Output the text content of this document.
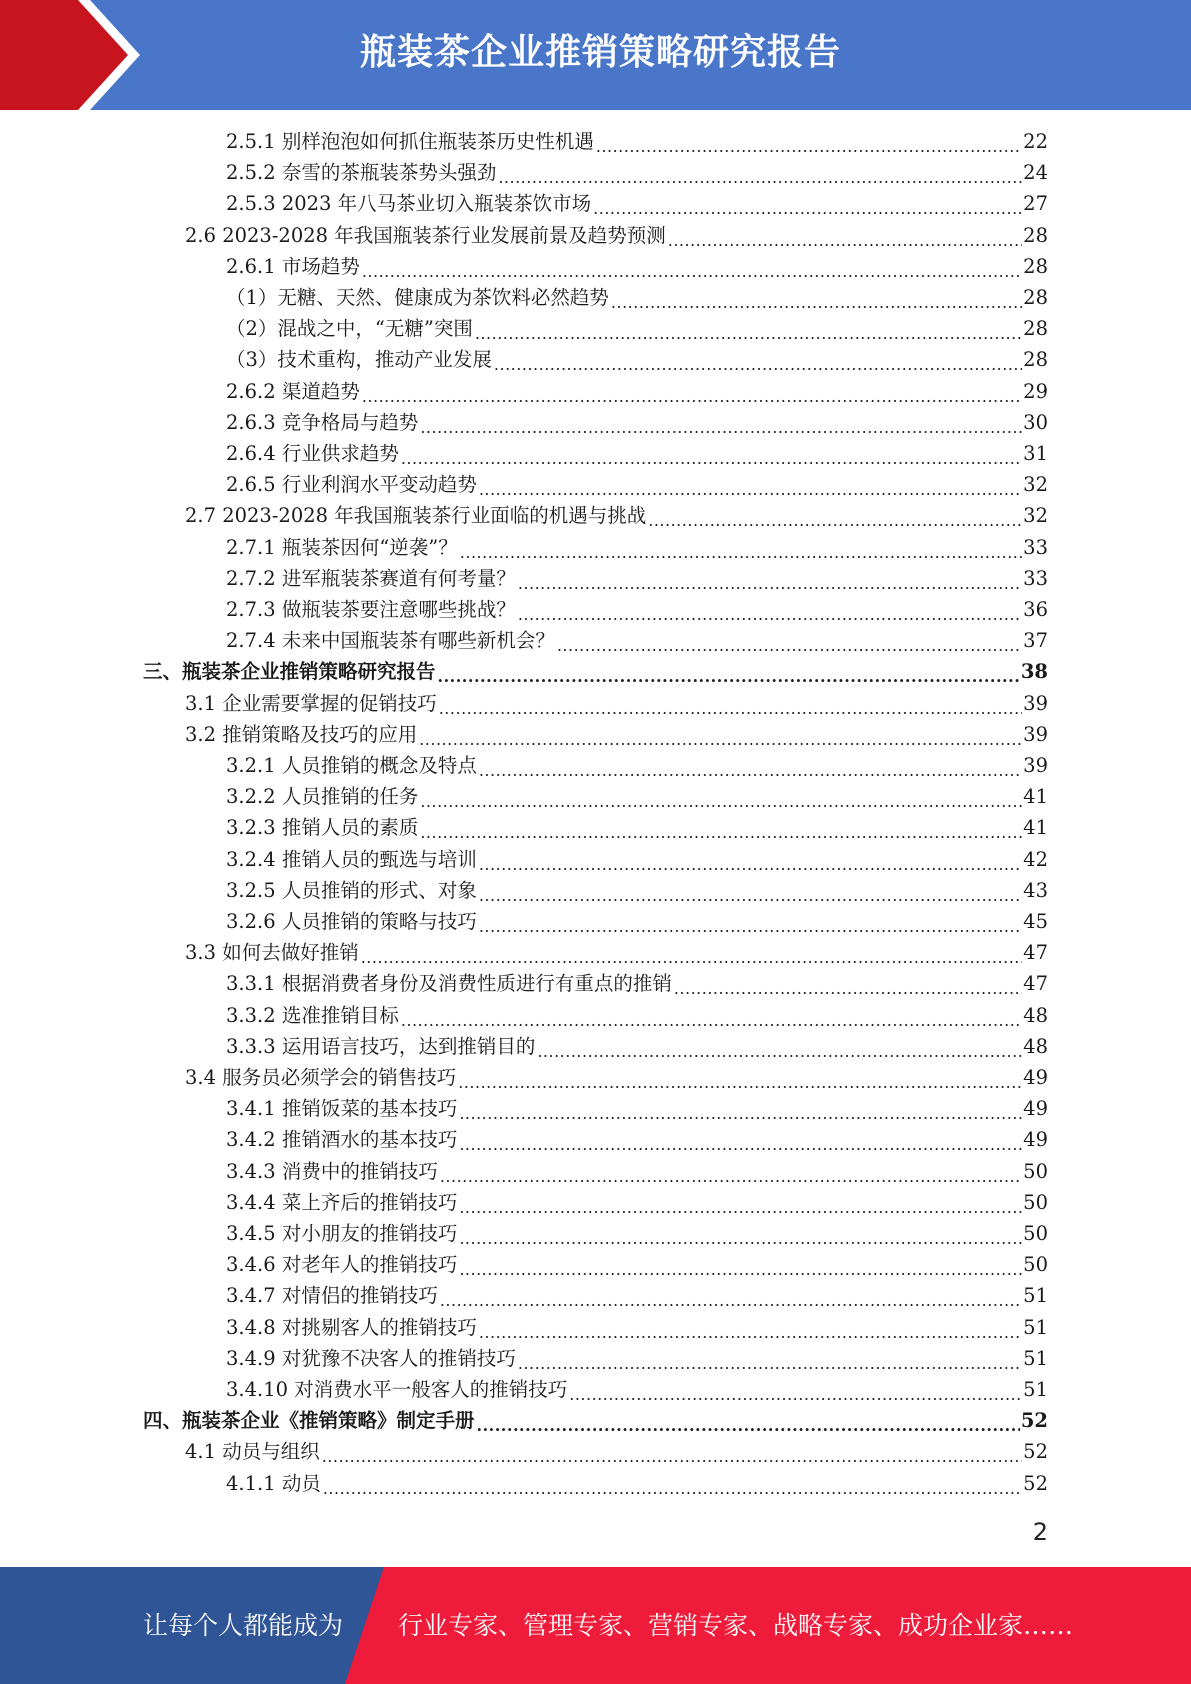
瓶装茶企业推销策略研究报告
2.5.1 别样泡泡如何抓住瓶装茶历史性机遇 .....	22
2.5.2 奈雪的茶瓶装茶势头强劲 .....	24
2.5.3 2023 年八马茶业切入瓶装茶饮市场 .....	27
2.6 2023-2028 年我国瓶装茶行业发展前景及趋势预测 .....	28
2.6.1 市场趋势 .....	28
（1）无糖、天然、健康成为茶饮料必然趋势 .....	28
（2）混战之中，“无糖”突围 .....	28
（3）技术重构，推动产业发展 .....	28
2.6.2 渠道趋势 .....	29
2.6.3 竞争格局与趋势 .....	30
2.6.4 行业供求趋势 .....	31
2.6.5 行业利润水平变动趋势 .....	32
2.7 2023-2028 年我国瓶装茶行业面临的机遇与挑战 .....	32
2.7.1 瓶装茶因何“逆袭”？ .....	33
2.7.2 进军瓶装茶赛道有何考量？ .....	33
2.7.3 做瓶装茶要注意哪些挑战？ .....	36
2.7.4 未来中国瓶装茶有哪些新机会？ .....	37
三、瓶装茶企业推销策略研究报告 .....	38
3.1 企业需要掌握的促销技巧 .....	39
3.2 推销策略及技巧的应用 .....	39
3.2.1 人员推销的概念及特点 .....	39
3.2.2 人员推销的任务 .....	41
3.2.3 推销人员的素质 .....	41
3.2.4 推销人员的甄选与培训 .....	42
3.2.5 人员推销的形式、对象 .....	43
3.2.6 人员推销的策略与技巧 .....	45
3.3 如何去做好推销 .....	47
3.3.1 根据消费者身份及消费性质进行有重点的推销 .....	47
3.3.2 选准推销目标 .....	48
3.3.3 运用语言技巧，达到推销目的 .....	48
3.4 服务员必须学会的销售技巧 .....	49
3.4.1 推销饭菜的基本技巧 .....	49
3.4.2 推销酒水的基本技巧 .....	49
3.4.3 消费中的推销技巧 .....	50
3.4.4 菜上齐后的推销技巧 .....	50
3.4.5 对小朋友的推销技巧 .....	50
3.4.6 对老年人的推销技巧 .....	50
3.4.7 对情侣的推销技巧 .....	51
3.4.8 对挑剔客人的推销技巧 .....	51
3.4.9 对犹豫不决客人的推销技巧 .....	51
3.4.10 对消费水平一般客人的推销技巧 .....	51
四、瓶装茶企业《推销策略》制定手册 .....	52
4.1 动员与组织 .....	52
4.1.1 动员 .....	52
2
让每个人都能成为 行业专家、管理专家、营销专家、战略专家、成功企业家……
